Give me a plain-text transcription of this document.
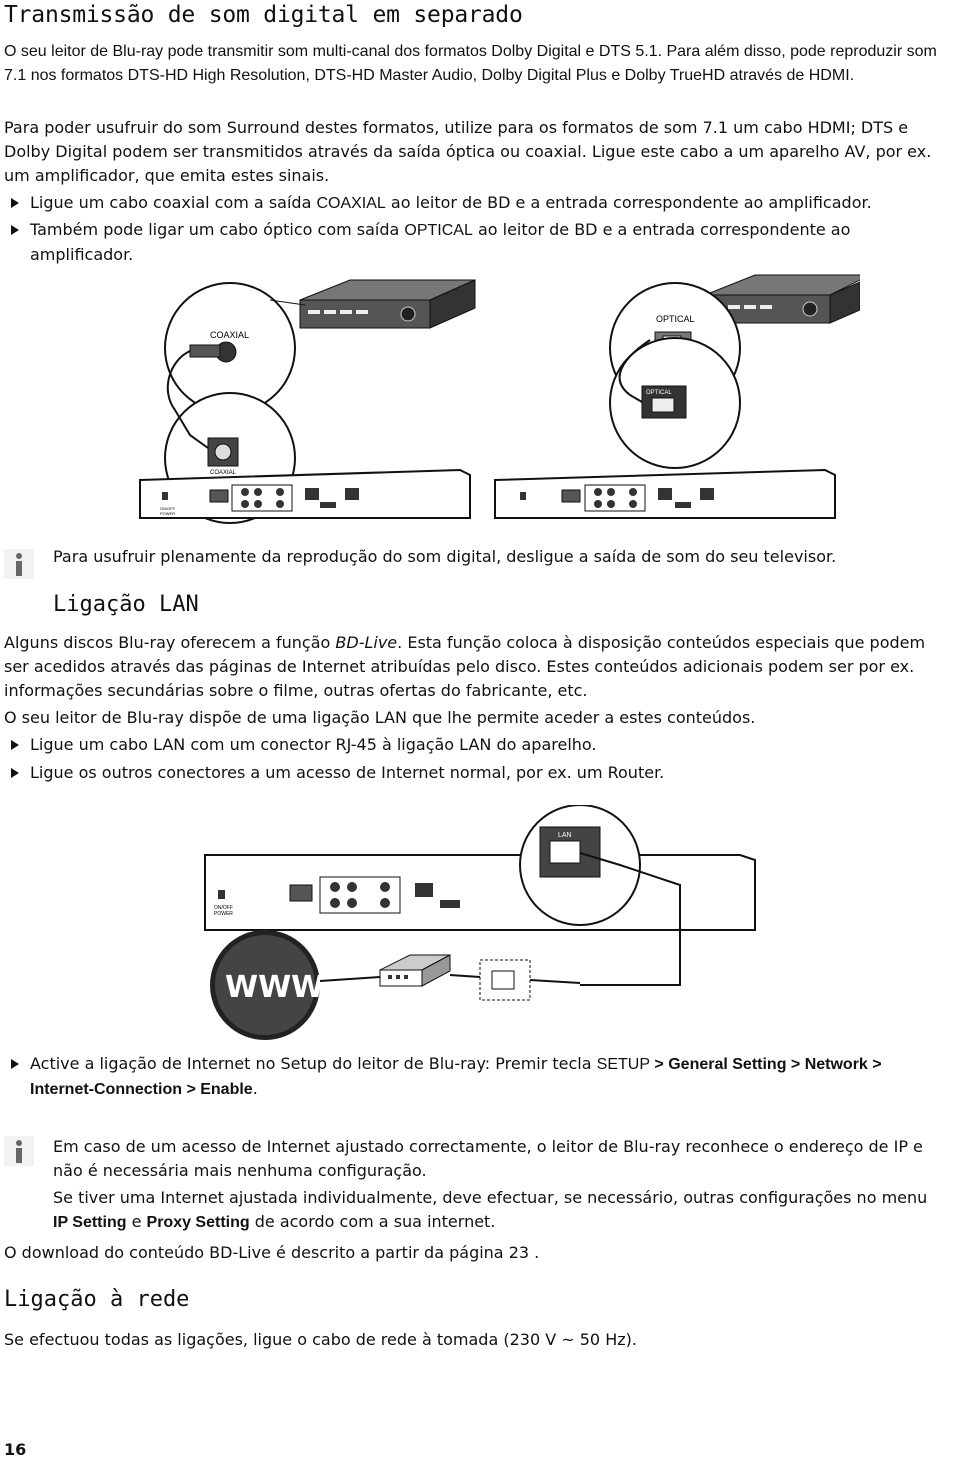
Transmissão de som digital em separado

O seu leitor de Blu-ray pode transmitir som multi-canal dos formatos Dolby Digital e DTS 5.1. Para além disso, pode reproduzir som 7.1 nos formatos DTS-HD High Resolution, DTS-HD Master Audio, Dolby Digital Plus e Dolby TrueHD através de HDMI.

Para poder usufruir do som Surround destes formatos, utilize para os formatos de som 7.1 um cabo HDMI; DTS e Dolby Digital podem ser transmitidos através da saída óptica ou coaxial. Ligue este cabo a um aparelho AV, por ex. um amplificador, que emita estes sinais.

Ligue um cabo coaxial com a saída COAXIAL ao leitor de BD e a entrada correspondente ao amplificador.

Também pode ligar um cabo óptico com saída OPTICAL ao leitor de BD e a entrada correspondente ao amplificador.

COAXIAL
COAXIAL
OPTICAL
OPTICAL
ON/OFF
POWER

Para usufruir plenamente da reprodução do som digital, desligue a saída de som do seu televisor.

Ligação LAN

Alguns discos Blu-ray oferecem a função BD-Live. Esta função coloca à disposição conteúdos especiais que podem ser acedidos através das páginas de Internet atribuídas pelo disco. Estes conteúdos adicionais podem ser por ex. informações secundárias sobre o filme, outras ofertas do fabricante, etc.

O seu leitor de Blu-ray dispõe de uma ligação LAN que lhe permite aceder a estes conteúdos.

Ligue um cabo LAN com um conector RJ-45 à ligação LAN do aparelho.

Ligue os outros conectores a um acesso de Internet normal, por ex. um Router.

ON/OFF
POWER
LAN
WWW

Active a ligação de Internet no Setup do leitor de Blu-ray: Premir tecla SETUP > General Setting > Network > Internet-Connection > Enable.

Em caso de um acesso de Internet ajustado correctamente, o leitor de Blu-ray reconhece o endereço de IP e não é necessária mais nenhuma configuração.

Se tiver uma Internet ajustada individualmente, deve efectuar, se necessário, outras configurações no menu IP Setting e Proxy Setting de acordo com a sua internet.

O download do conteúdo BD-Live é descrito a partir da página 23 .

Ligação à rede

Se efectuou todas as ligações, ligue o cabo de rede à tomada (230 V ~ 50 Hz).

16
